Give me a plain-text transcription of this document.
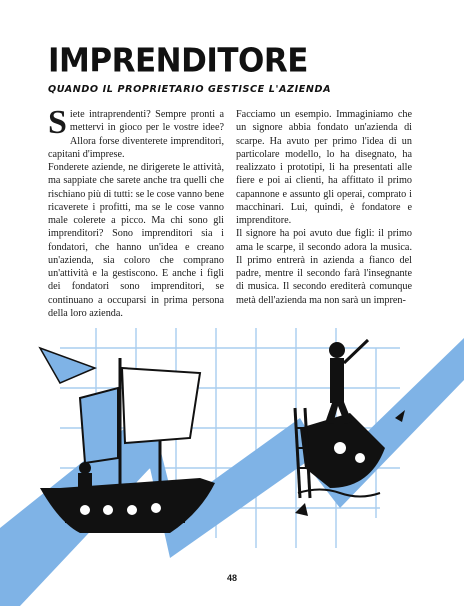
IMPRENDITORE
QUANDO IL PROPRIETARIO GESTISCE L'AZIENDA

Siete intraprendenti? Sempre pronti a mettervi in gioco per le vostre idee? Allora forse diventerete imprenditori, capitani d'imprese.

Fonderete aziende, ne dirigerete le attività, ma sappiate che sarete anche tra quelli che rischiano più di tutti: se le cose vanno bene ricaverete i profitti, ma se le cose vanno male colerete a picco. Ma chi sono gli imprenditori? Sono imprenditori sia i fondatori, che hanno un'idea e creano un'azienda, sia coloro che comprano un'attività e la gestiscono. E anche i figli dei fondatori sono imprenditori, se continuano a occuparsi in prima persona della loro azienda.

Facciamo un esempio. Immaginiamo che un signore abbia fondato un'azienda di scarpe. Ha avuto per primo l'idea di un particolare modello, lo ha disegnato, ha realizzato i prototipi, li ha presentati alle fiere e poi ai clienti, ha affittato il primo capannone e assunto gli operai, comprato i macchinari. Lui, quindi, è fondatore e imprenditore.

Il signore ha poi avuto due figli: il primo ama le scarpe, il secondo adora la musica. Il primo entrerà in azienda a fianco del padre, mentre il secondo farà l'insegnante di musica. Il secondo erediterà comunque metà dell'azienda ma non sarà un impren-

48
